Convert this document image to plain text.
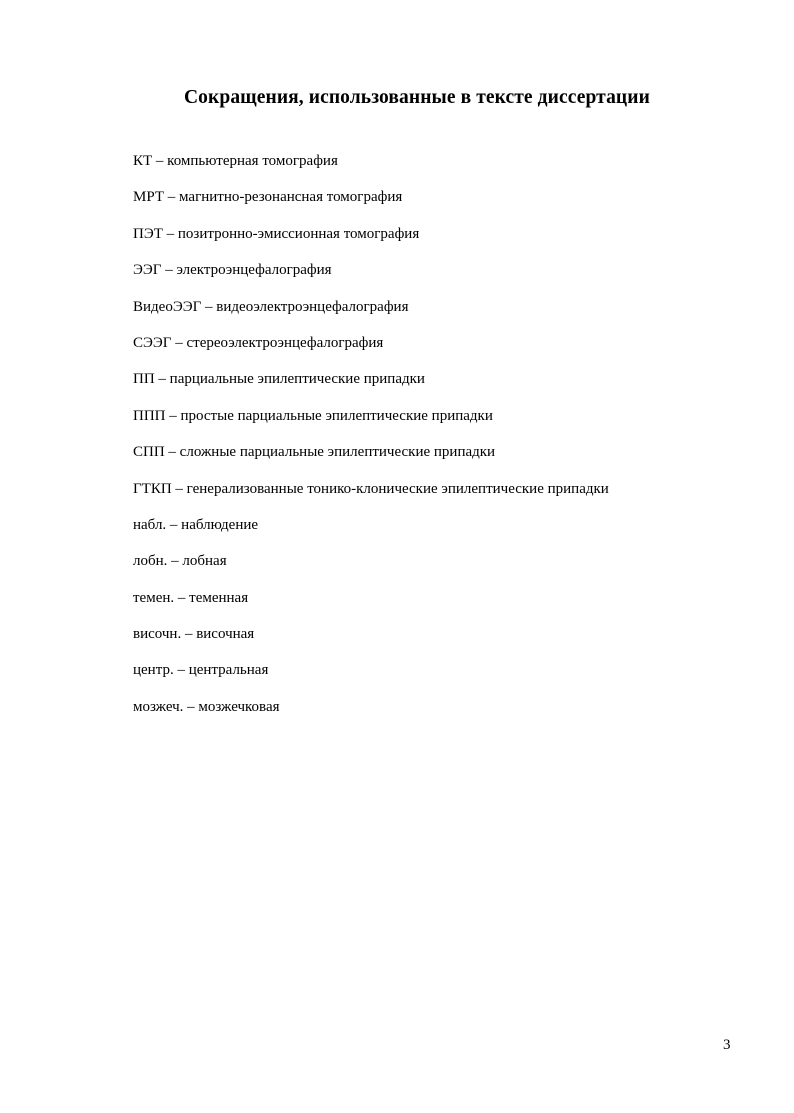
Сокращения, использованные в тексте диссертации
КТ – компьютерная томография
МРТ – магнитно-резонансная томография
ПЭТ – позитронно-эмиссионная томография
ЭЭГ – электроэнцефалография
ВидеоЭЭГ – видеоэлектроэнцефалография
СЭЭГ – стереоэлектроэнцефалография
ПП – парциальные эпилептические припадки
ППП – простые парциальные эпилептические припадки
СПП – сложные парциальные эпилептические припадки
ГТКП – генерализованные тонико-клонические эпилептические припадки
набл. – наблюдение
лобн. – лобная
темен. – теменная
височн. – височная
центр. – центральная
мозжеч. – мозжечковая
3
